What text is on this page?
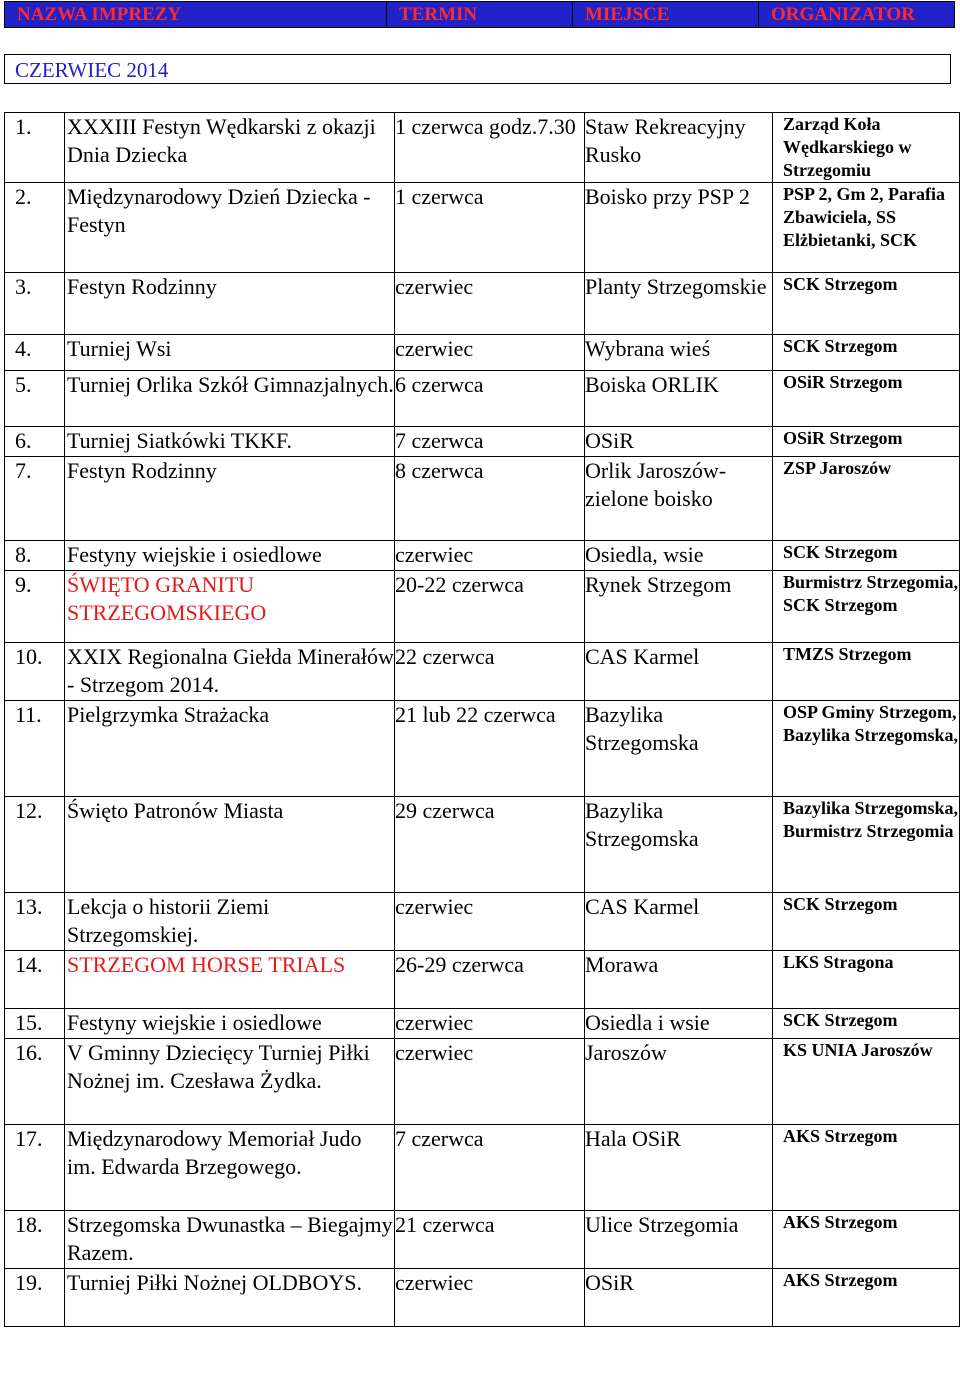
NAZWA IMPREZY	TERMIN	MIEJSCE	ORGANIZATOR
CZERWIEC 2014
1.	XXXIII Festyn Wędkarski z okazji Dnia Dziecka	1 czerwca godz.7.30	Staw Rekreacyjny Rusko	Zarząd Koła Wędkarskiego w Strzegomiu
2.	Międzynarodowy Dzień Dziecka - Festyn	1 czerwca	Boisko przy PSP 2	PSP 2, Gm 2, Parafia Zbawiciela, SS Elżbietanki, SCK
3.	Festyn Rodzinny	czerwiec	Planty Strzegomskie	SCK Strzegom
4.	Turniej Wsi	czerwiec	Wybrana wieś	SCK Strzegom
5.	Turniej Orlika Szkół Gimnazjalnych.	6 czerwca	Boiska ORLIK	OSiR Strzegom
6.	Turniej Siatkówki TKKF.	7 czerwca	OSiR	OSiR Strzegom
7.	Festyn Rodzinny	8 czerwca	Orlik Jaroszów- zielone boisko	ZSP Jaroszów
8.	Festyny wiejskie i osiedlowe	czerwiec	Osiedla, wsie	SCK Strzegom
9.	ŚWIĘTO GRANITU STRZEGOMSKIEGO	20-22 czerwca	Rynek Strzegom	Burmistrz Strzegomia, SCK Strzegom
10.	XXIX Regionalna Giełda Minerałów - Strzegom 2014.	22 czerwca	CAS Karmel	TMZS Strzegom
11.	Pielgrzymka Strażacka	21 lub 22 czerwca	Bazylika Strzegomska	OSP Gminy Strzegom, Bazylika Strzegomska,
12.	Święto Patronów Miasta	29 czerwca	Bazylika Strzegomska	Bazylika Strzegomska, Burmistrz Strzegomia
13.	Lekcja o historii Ziemi Strzegomskiej.	czerwiec	CAS Karmel	SCK Strzegom
14.	STRZEGOM HORSE TRIALS	26-29 czerwca	Morawa	LKS Stragona
15.	Festyny wiejskie i osiedlowe	czerwiec	Osiedla i wsie	SCK Strzegom
16.	V Gminny Dziecięcy Turniej Piłki Nożnej im. Czesława Żydka.	czerwiec	Jaroszów	KS UNIA Jaroszów
17.	Międzynarodowy Memoriał Judo im. Edwarda Brzegowego.	7 czerwca	Hala OSiR	AKS Strzegom
18.	Strzegomska Dwunastka – Biegajmy Razem.	21 czerwca	Ulice Strzegomia	AKS Strzegom
19.	Turniej Piłki Nożnej OLDBOYS.	czerwiec	OSiR	AKS Strzegom
